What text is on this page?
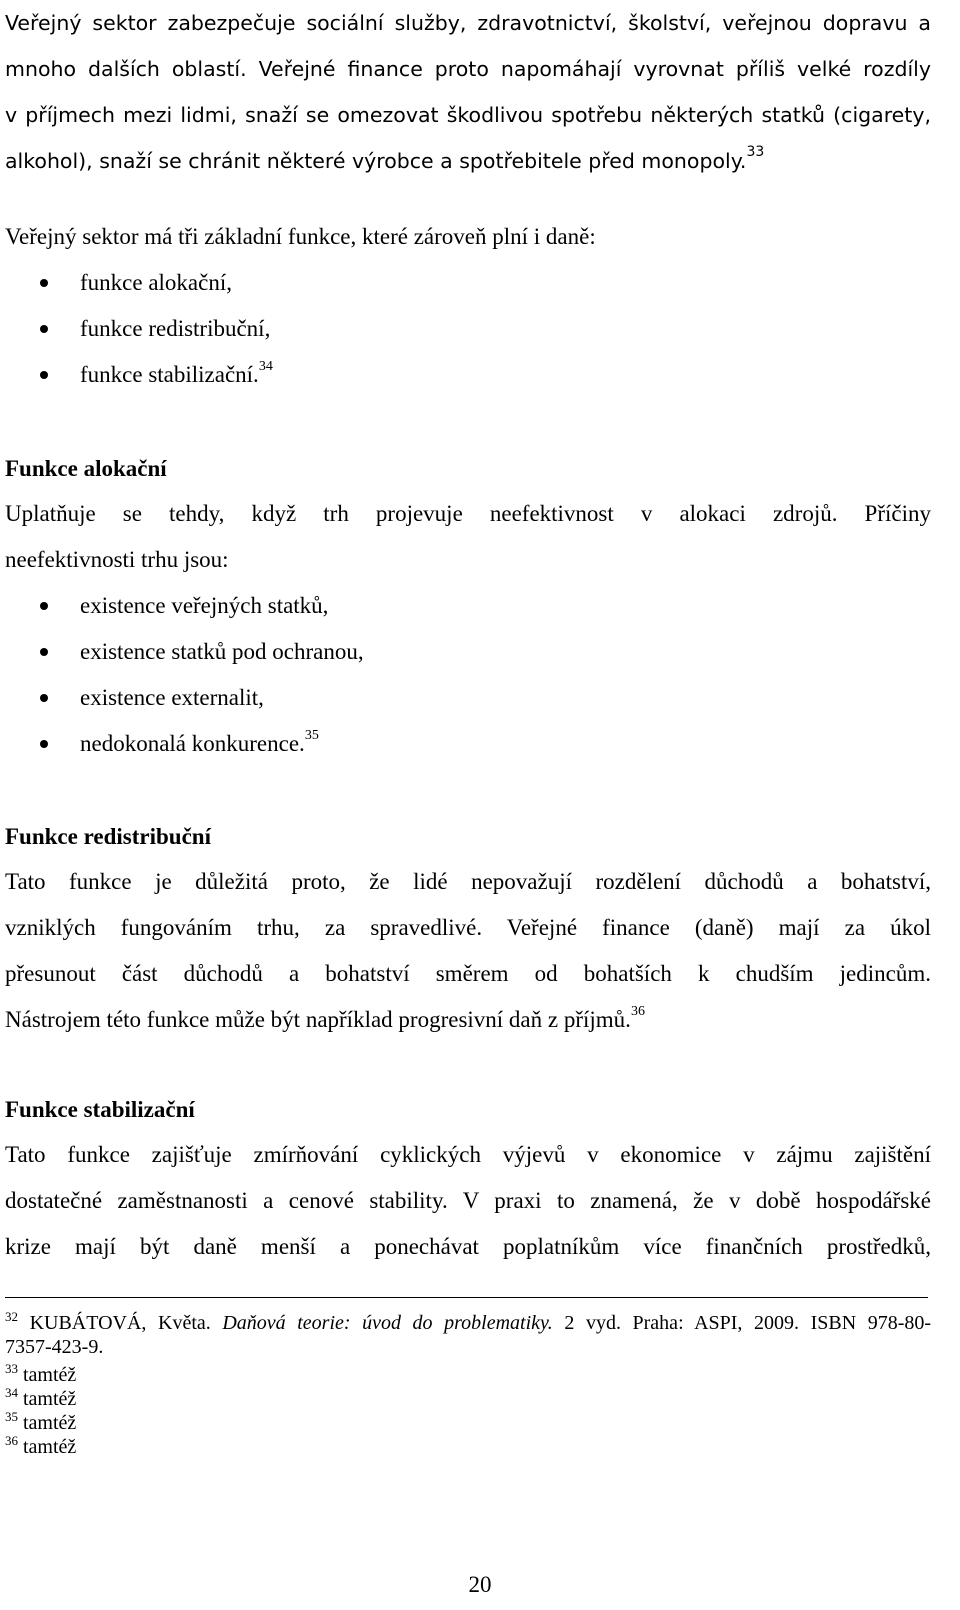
Veřejný sektor zabezpečuje sociální služby, zdravotnictví, školství, veřejnou dopravu a
mnoho dalších oblastí. Veřejné finance proto napomáhají vyrovnat příliš velké rozdíly
v příjmech mezi lidmi, snaží se omezovat škodlivou spotřebu některých statků (cigarety,
alkohol), snaží se chránit některé výrobce a spotřebitele před monopoly.$^{33}$
Veřejný sektor má tři základní funkce, které zároveň plní i daně:
funkce alokační,
funkce redistribuční,
funkce stabilizační.$^{34}$
Funkce alokační
Uplatňuje se tehdy, když trh projevuje neefektivnost v alokaci zdrojů. Příčiny
neefektivnosti trhu jsou:
existence veřejných statků,
existence statků pod ochranou,
existence externalit,
nedokonalá konkurence.$^{35}$
Funkce redistribuční
Tato funkce je důležitá proto, že lidé nepovažují rozdělení důchodů a bohatství,
vzniklých fungováním trhu, za spravedlivé. Veřejné finance (daně) mají za úkol
přesunout část důchodů a bohatství směrem od bohatších k chudším jedincům.
Nástrojem této funkce může být například progresivní daň z příjmů.$^{36}$
Funkce stabilizační
Tato funkce zajišťuje zmírňování cyklických výjevů v ekonomice v zájmu zajištění
dostatečné zaměstnanosti a cenové stability. V praxi to znamená, že v době hospodářské
krize mají být daně menší a ponechávat poplatníkům více finančních prostředků,
$^{32}$ KUBÁTOVÁ, Květa. Daňová teorie: úvod do problematiky. 2 vyd. Praha: ASPI, 2009. ISBN 978-80-
7357-423-9.
$^{33}$ tamtéž
$^{34}$ tamtéž
$^{35}$ tamtéž
$^{36}$ tamtéž
20
